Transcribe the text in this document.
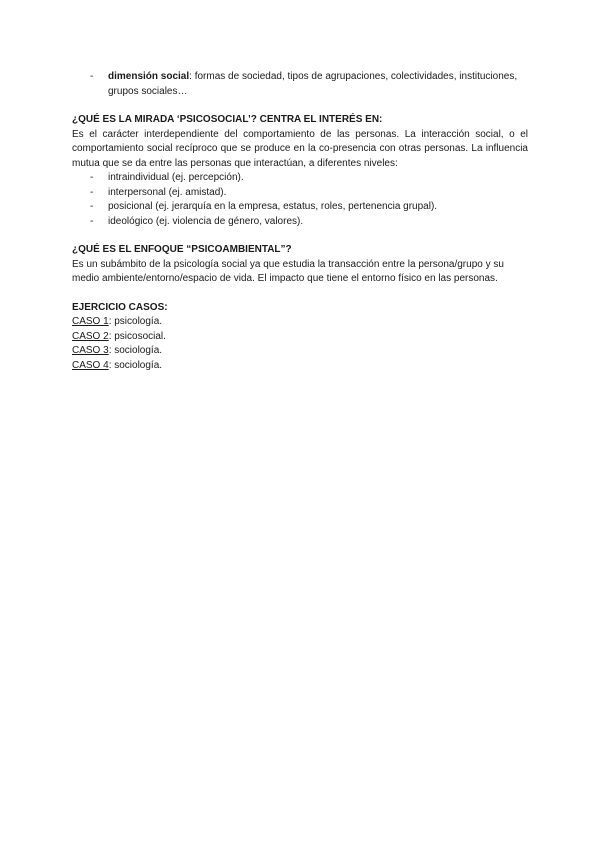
- dimensión social: formas de sociedad, tipos de agrupaciones, colectividades, instituciones, grupos sociales…
¿QUÉ ES LA MIRADA ‘PSICOSOCIAL’? CENTRA EL INTERÉS EN:
Es el carácter interdependiente del comportamiento de las personas. La interacción social, o el comportamiento social recíproco que se produce en la co-presencia con otras personas. La influencia mutua que se da entre las personas que interactúan, a diferentes niveles:
- intraindividual (ej. percepción).
- interpersonal (ej. amistad).
- posicional (ej. jerarquía en la empresa, estatus, roles, pertenencia grupal).
- ideológico (ej. violencia de género, valores).
¿QUÉ ES EL ENFOQUE “PSICOAMBIENTAL”?
Es un subámbito de la psicología social ya que estudia la transacción entre la persona/grupo y su medio ambiente/entorno/espacio de vida. El impacto que tiene el entorno físico en las personas.
EJERCICIO CASOS:
CASO 1: psicología.
CASO 2: psicosocial.
CASO 3: sociología.
CASO 4: sociología.
